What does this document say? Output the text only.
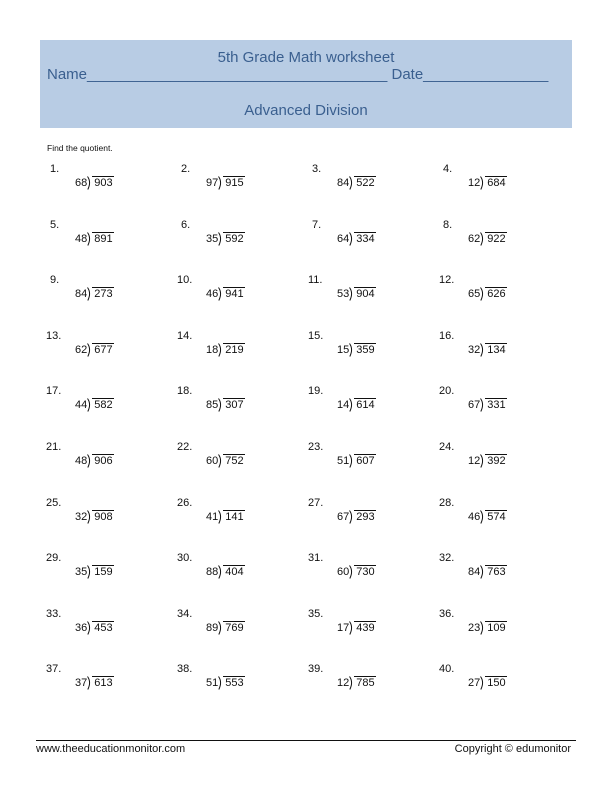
5th Grade Math worksheet
Name____________________________________ Date_______________
Advanced Division
Find the quotient.
1.
68 903
2.
97 915
3.
84 522
4.
12 684
5.
48 891
6.
35 592
7.
64 334
8.
62 922
9.
84 273
10.
46 941
11.
53 904
12.
65 626
13.
62 677
14.
18 219
15.
15 359
16.
32 134
17.
44 582
18.
85 307
19.
14 614
20.
67 331
21.
48 906
22.
60 752
23.
51 607
24.
12 392
25.
32 908
26.
41 141
27.
67 293
28.
46 574
29.
35 159
30.
88 404
31.
60 730
32.
84 763
33.
36 453
34.
89 769
35.
17 439
36.
23 109
37.
37 613
38.
51 553
39.
12 785
40.
27 150
www.theeducationmonitor.com	Copyright © edumonitor
